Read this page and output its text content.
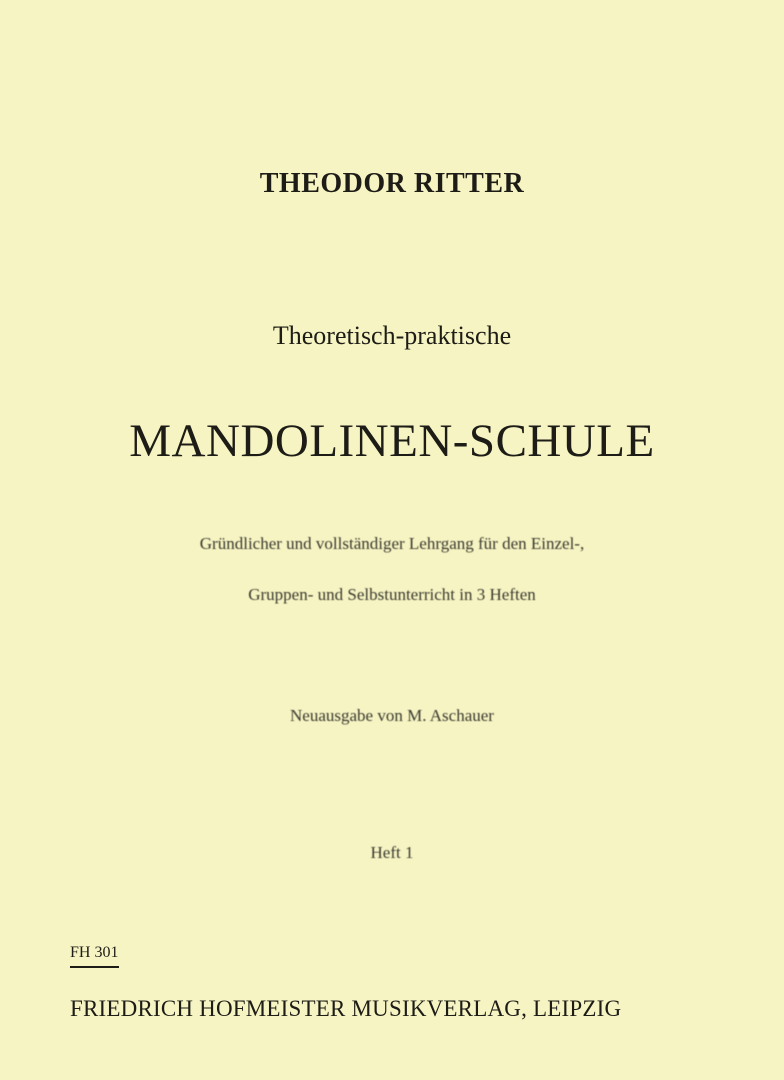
THEODOR RITTER
Theoretisch-praktische
MANDOLINEN-SCHULE
Gründlicher und vollständiger Lehrgang für den Einzel-,
Gruppen- und Selbstunterricht in 3 Heften
Neuausgabe von M. Aschauer
Heft 1
FH 301
FRIEDRICH HOFMEISTER MUSIKVERLAG, LEIPZIG
